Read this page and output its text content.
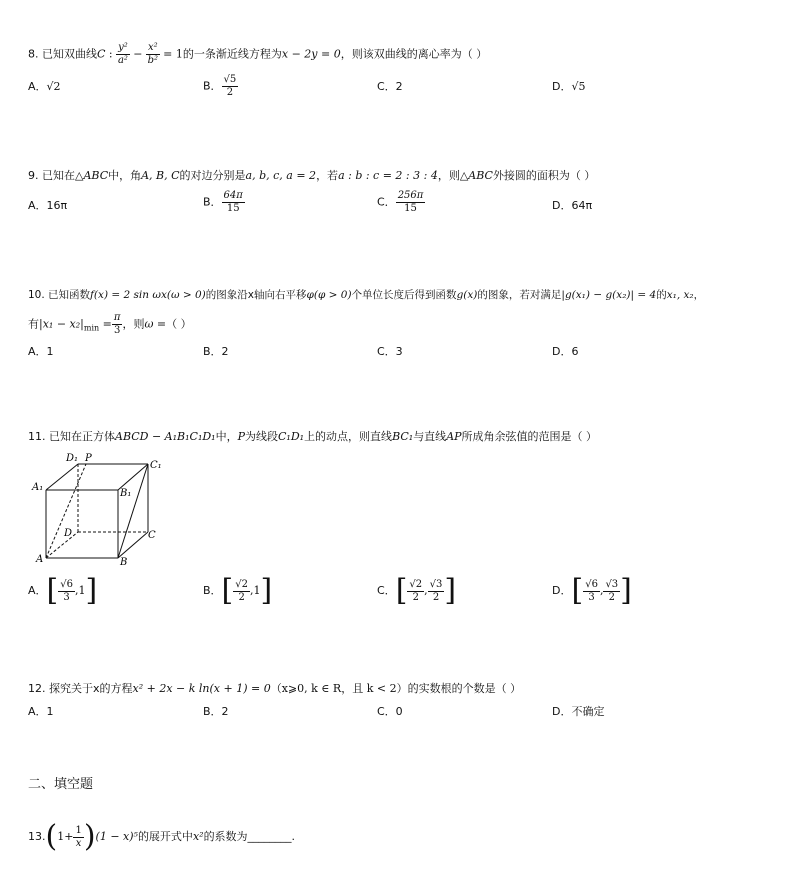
8. 已知双曲线C : $\frac{\text{y²}}{\text{a²}} - \frac{\text{x²}}{\text{b²}} = 1$的一条渐近线方程为x − 2y = 0，则该双曲线的离心率为（ ）
A．√2	B． $\frac{√5}{2}$	C．2	D．√5
9. 已知在△ABC中，角A, B, C的对边分别是a, b, c, a = 2，若a : b : c = 2 : 3 : 4，则△ABC外接圆的面积为（ ）
A．16π	B． $\frac{64\pi}{15}$	C． $\frac{256\pi}{15}$	D．64π
10. 已知函数f(x) = 2 sin ωx(ω > 0)的图象沿x轴向右平移φ(φ > 0)个单位长度后得到函数g(x)的图象，若对满足|g(x₁) − g(x₂)| = 4的x₁, x₂，
有$|x_1 - x_2|_{min} = \frac{\pi}{3}$ ，则ω =（ ）
A．1	B．2	C．3	D．6
11. 已知在正方体ABCD − A₁B₁C₁D₁中，P为线段C₁D₁上的动点，则直线BC₁与直线AP所成角余弦值的范围是（ ）
D₁ P
C₁
A₁
B₁
D	C
A	B
A．[ $\frac{√6}{3} ,1$]	B．[ $\frac{√2}{2} ,1$]	C．[ $\frac{√2}{2}$ , $\frac{√3}{2}$ ]	D．[ $\frac{√6}{3}$ , $\frac{√3}{2}$ ]
12. 探究关于x的方程x² + 2x − k ln(x + 1) = 0（x⩾0, k ∈ R，且 k < 2）的实数根的个数是（ ）
A．1	B．2	C．0	D．不确定
二、填空题
$13.(1+ \frac{1}{x} )(1 - x)^5$的展开式中x²的系数为________.
